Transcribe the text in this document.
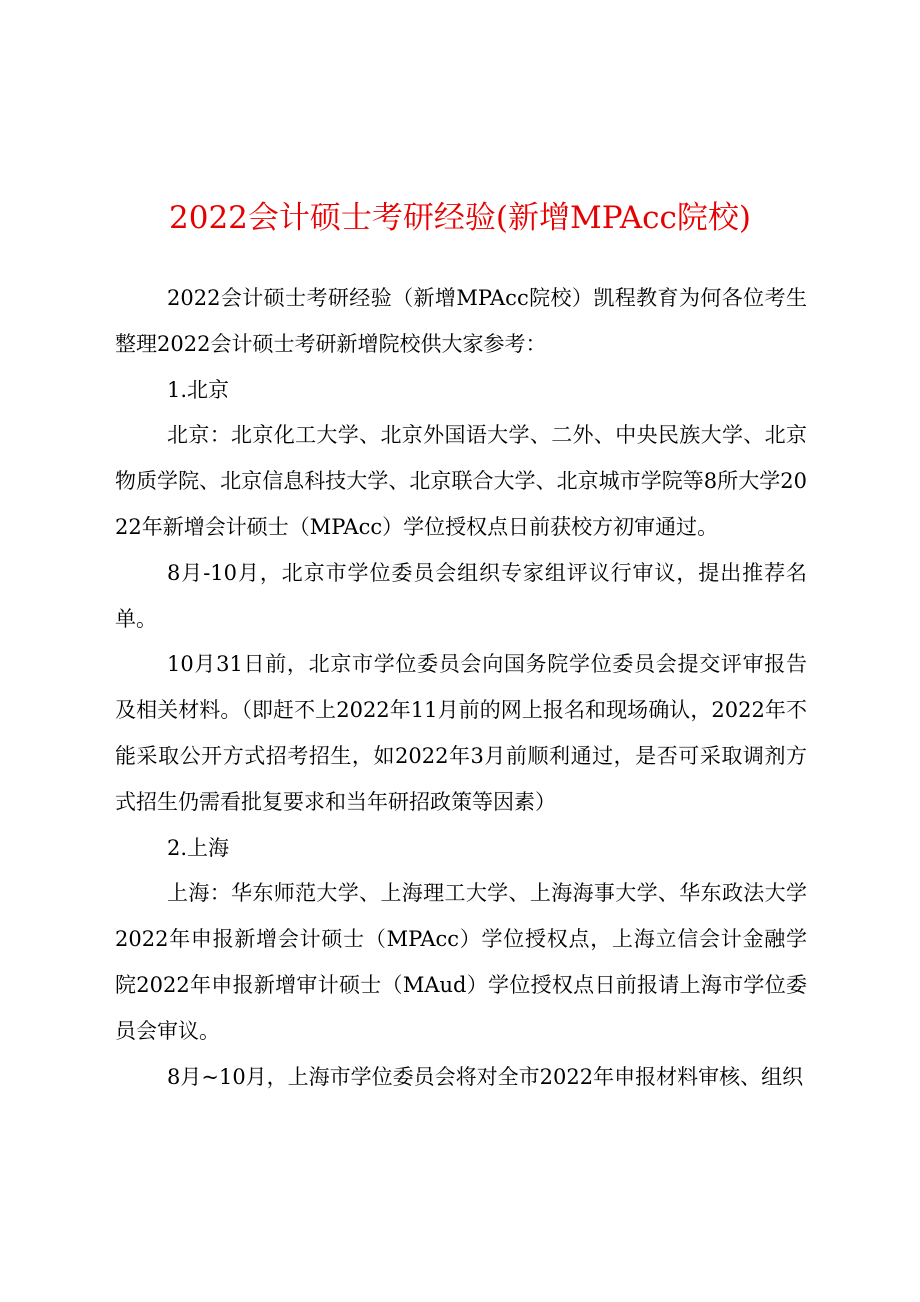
2022会计硕士考研经验(新增MPAcc院校)

2022会计硕士考研经验（新增MPAcc院校）凯程教育为何各位考生整理2022会计硕士考研新增院校供大家参考：

1.北京

北京：北京化工大学、北京外国语大学、二外、中央民族大学、北京物质学院、北京信息科技大学、北京联合大学、北京城市学院等8所大学2022年新增会计硕士（MPAcc）学位授权点日前获校方初审通过。

8月-10月，北京市学位委员会组织专家组评议行审议，提出推荐名单。

10月31日前，北京市学位委员会向国务院学位委员会提交评审报告及相关材料。（即赶不上2022年11月前的网上报名和现场确认，2022年不能采取公开方式招考招生，如2022年3月前顺利通过，是否可采取调剂方式招生仍需看批复要求和当年研招政策等因素）

2.上海

上海：华东师范大学、上海理工大学、上海海事大学、华东政法大学2022年申报新增会计硕士（MPAcc）学位授权点，上海立信会计金融学院2022年申报新增审计硕士（MAud）学位授权点日前报请上海市学位委员会审议。

8月~10月，上海市学位委员会将对全市2022年申报材料审核、组织
